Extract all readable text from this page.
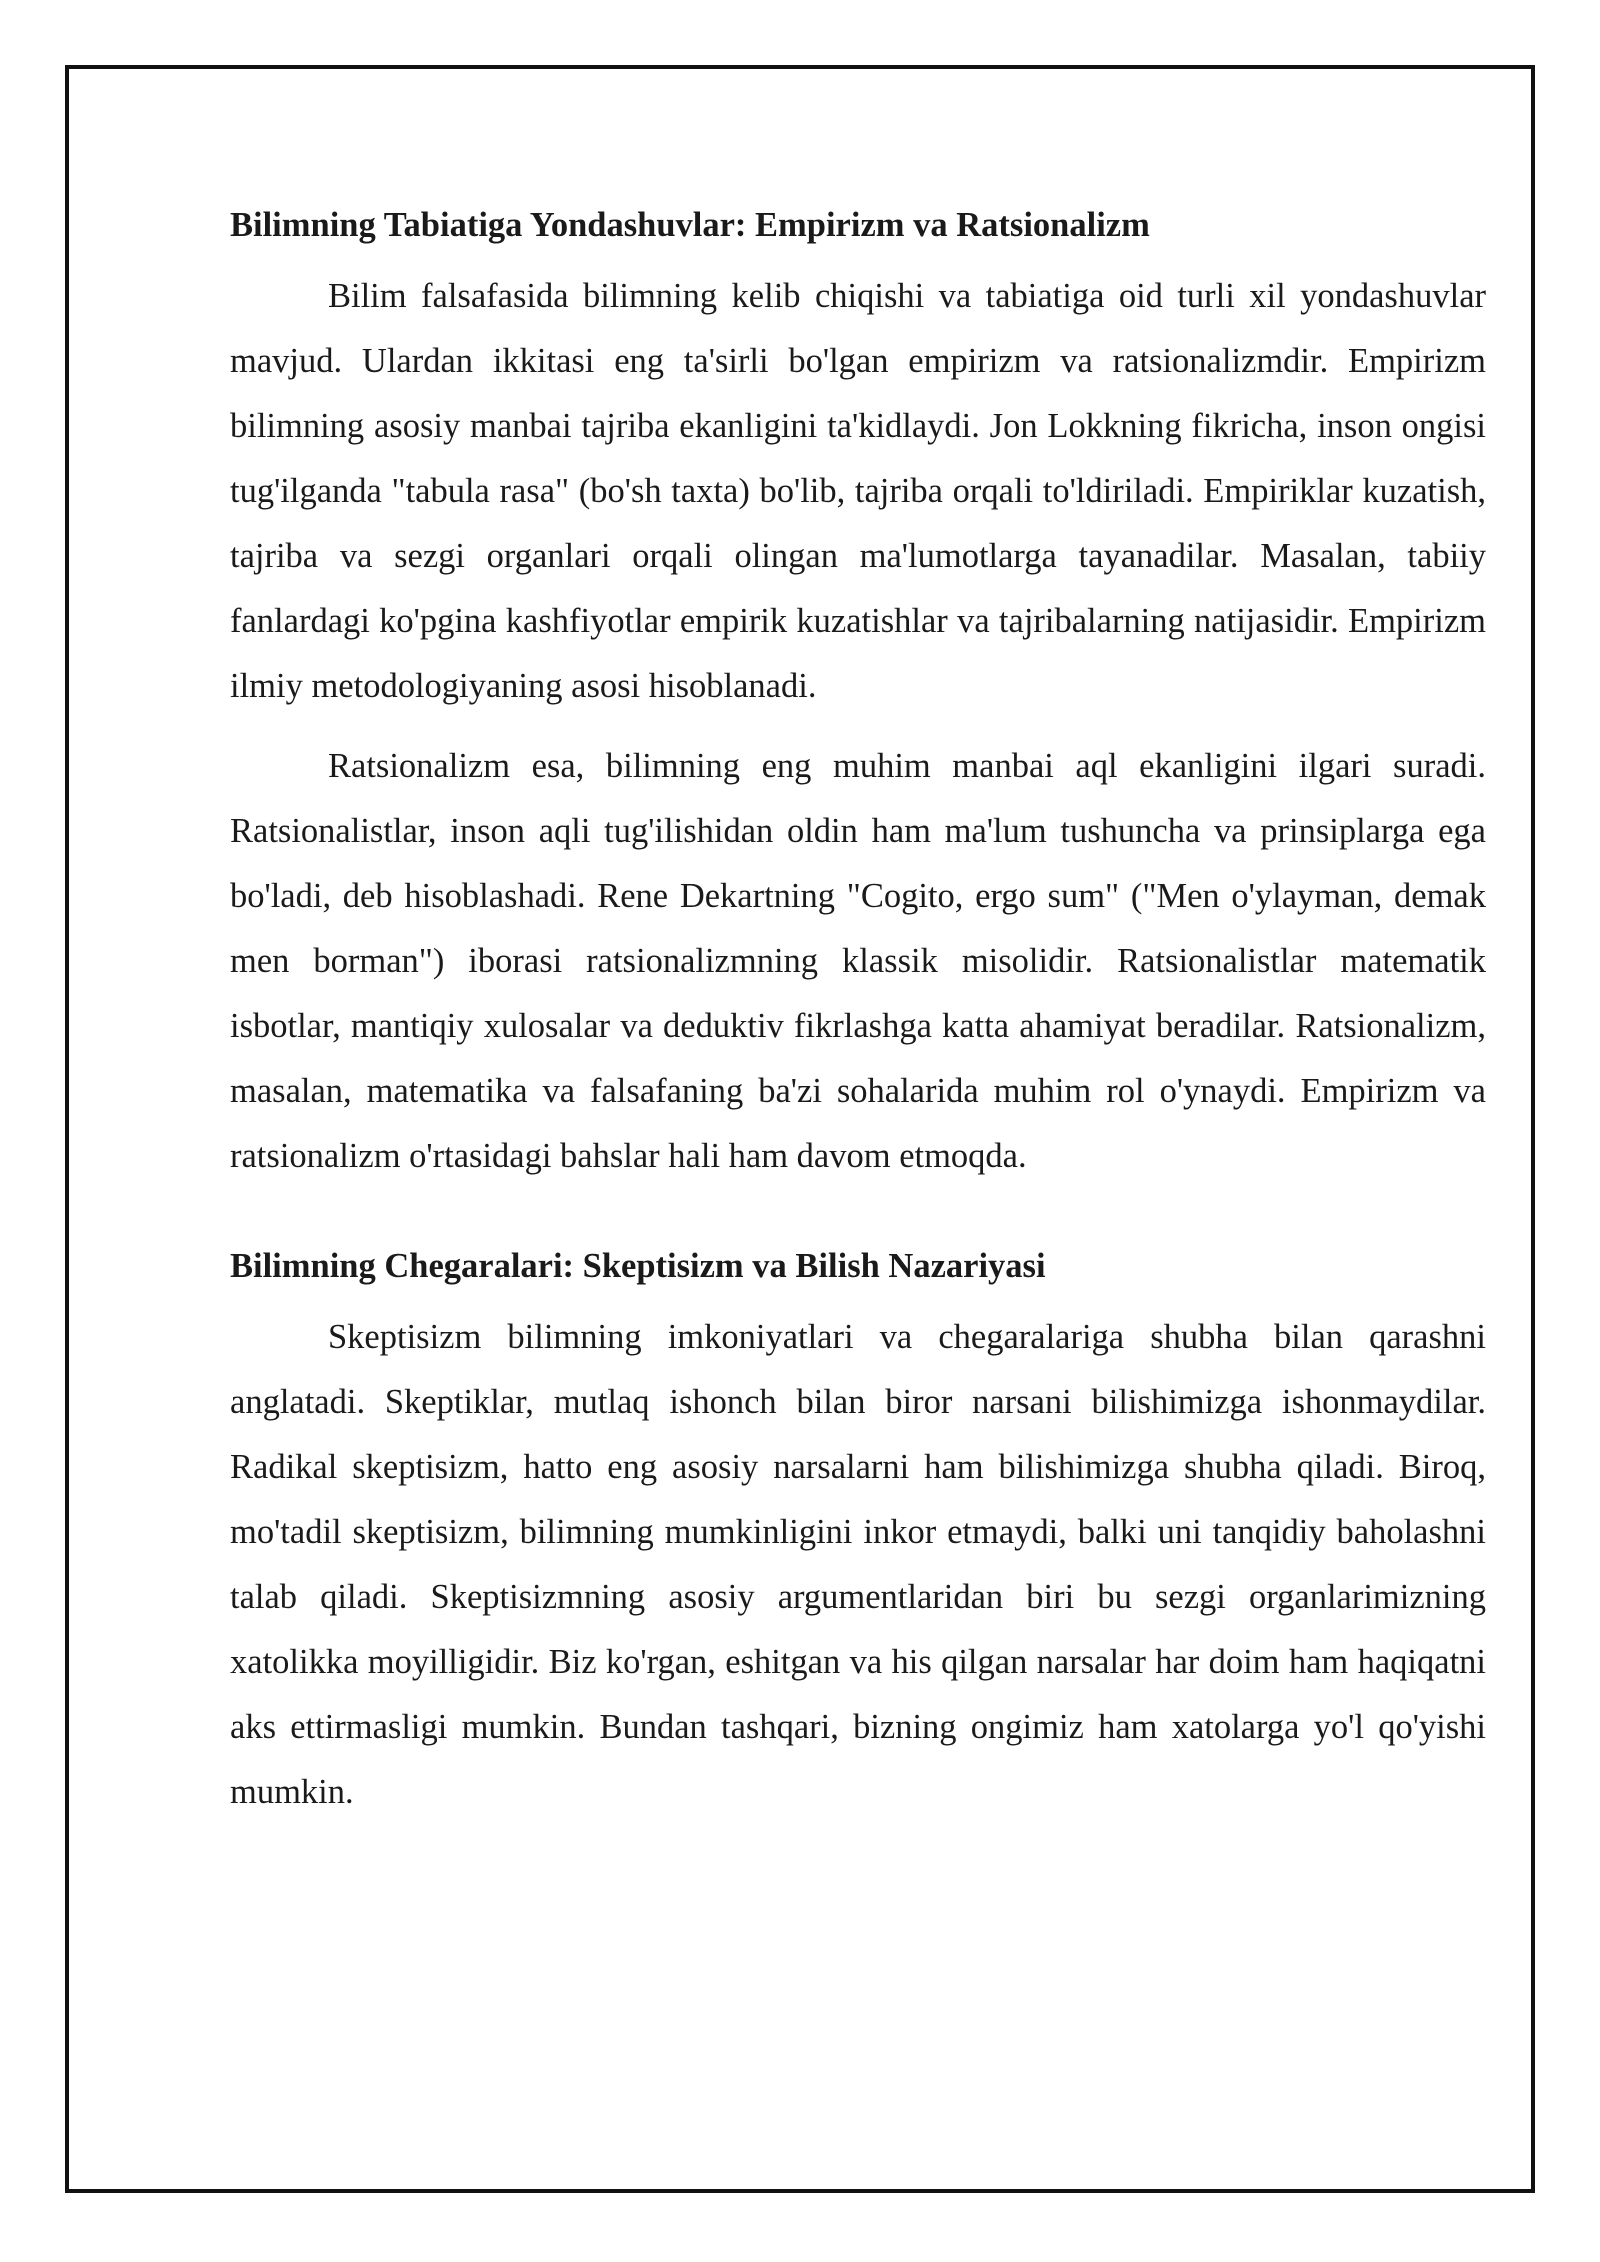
Bilimning Tabiatiga Yondashuvlar: Empirizm va Ratsionalizm

Bilim falsafasida bilimning kelib chiqishi va tabiatiga oid turli xil yondashuvlar mavjud. Ulardan ikkitasi eng ta'sirli bo'lgan empirizm va ratsionalizmdir. Empirizm bilimning asosiy manbai tajriba ekanligini ta'kidlaydi. Jon Lokkning fikricha, inson ongisi tug'ilganda "tabula rasa" (bo'sh taxta) bo'lib, tajriba orqali to'ldiriladi. Empiriklar kuzatish, tajriba va sezgi organlari orqali olingan ma'lumotlarga tayanadilar. Masalan, tabiiy fanlardagi ko'pgina kashfiyotlar empirik kuzatishlar va tajribalarning natijasidir. Empirizm ilmiy metodologiyaning asosi hisoblanadi.

Ratsionalizm esa, bilimning eng muhim manbai aql ekanligini ilgari suradi. Ratsionalistlar, inson aqli tug'ilishidan oldin ham ma'lum tushuncha va prinsiplarga ega bo'ladi, deb hisoblashadi. Rene Dekartning "Cogito, ergo sum" ("Men o'ylayman, demak men borman") iborasi ratsionalizmning klassik misolidir. Ratsionalistlar matematik isbotlar, mantiqiy xulosalar va deduktiv fikrlashga katta ahamiyat beradilar. Ratsionalizm, masalan, matematika va falsafaning ba'zi sohalarida muhim rol o'ynaydi. Empirizm va ratsionalizm o'rtasidagi bahslar hali ham davom etmoqda.

Bilimning Chegaralari: Skeptisizm va Bilish Nazariyasi

Skeptisizm bilimning imkoniyatlari va chegaralariga shubha bilan qarashni anglatadi. Skeptiklar, mutlaq ishonch bilan biror narsani bilishimizga ishonmaydilar. Radikal skeptisizm, hatto eng asosiy narsalarni ham bilishimizga shubha qiladi. Biroq, mo'tadil skeptisizm, bilimning mumkinligini inkor etmaydi, balki uni tanqidiy baholashni talab qiladi. Skeptisizmning asosiy argumentlaridan biri bu sezgi organlarimizning xatolikka moyilligidir. Biz ko'rgan, eshitgan va his qilgan narsalar har doim ham haqiqatni aks ettirmasligi mumkin. Bundan tashqari, bizning ongimiz ham xatolarga yo'l qo'yishi mumkin.
